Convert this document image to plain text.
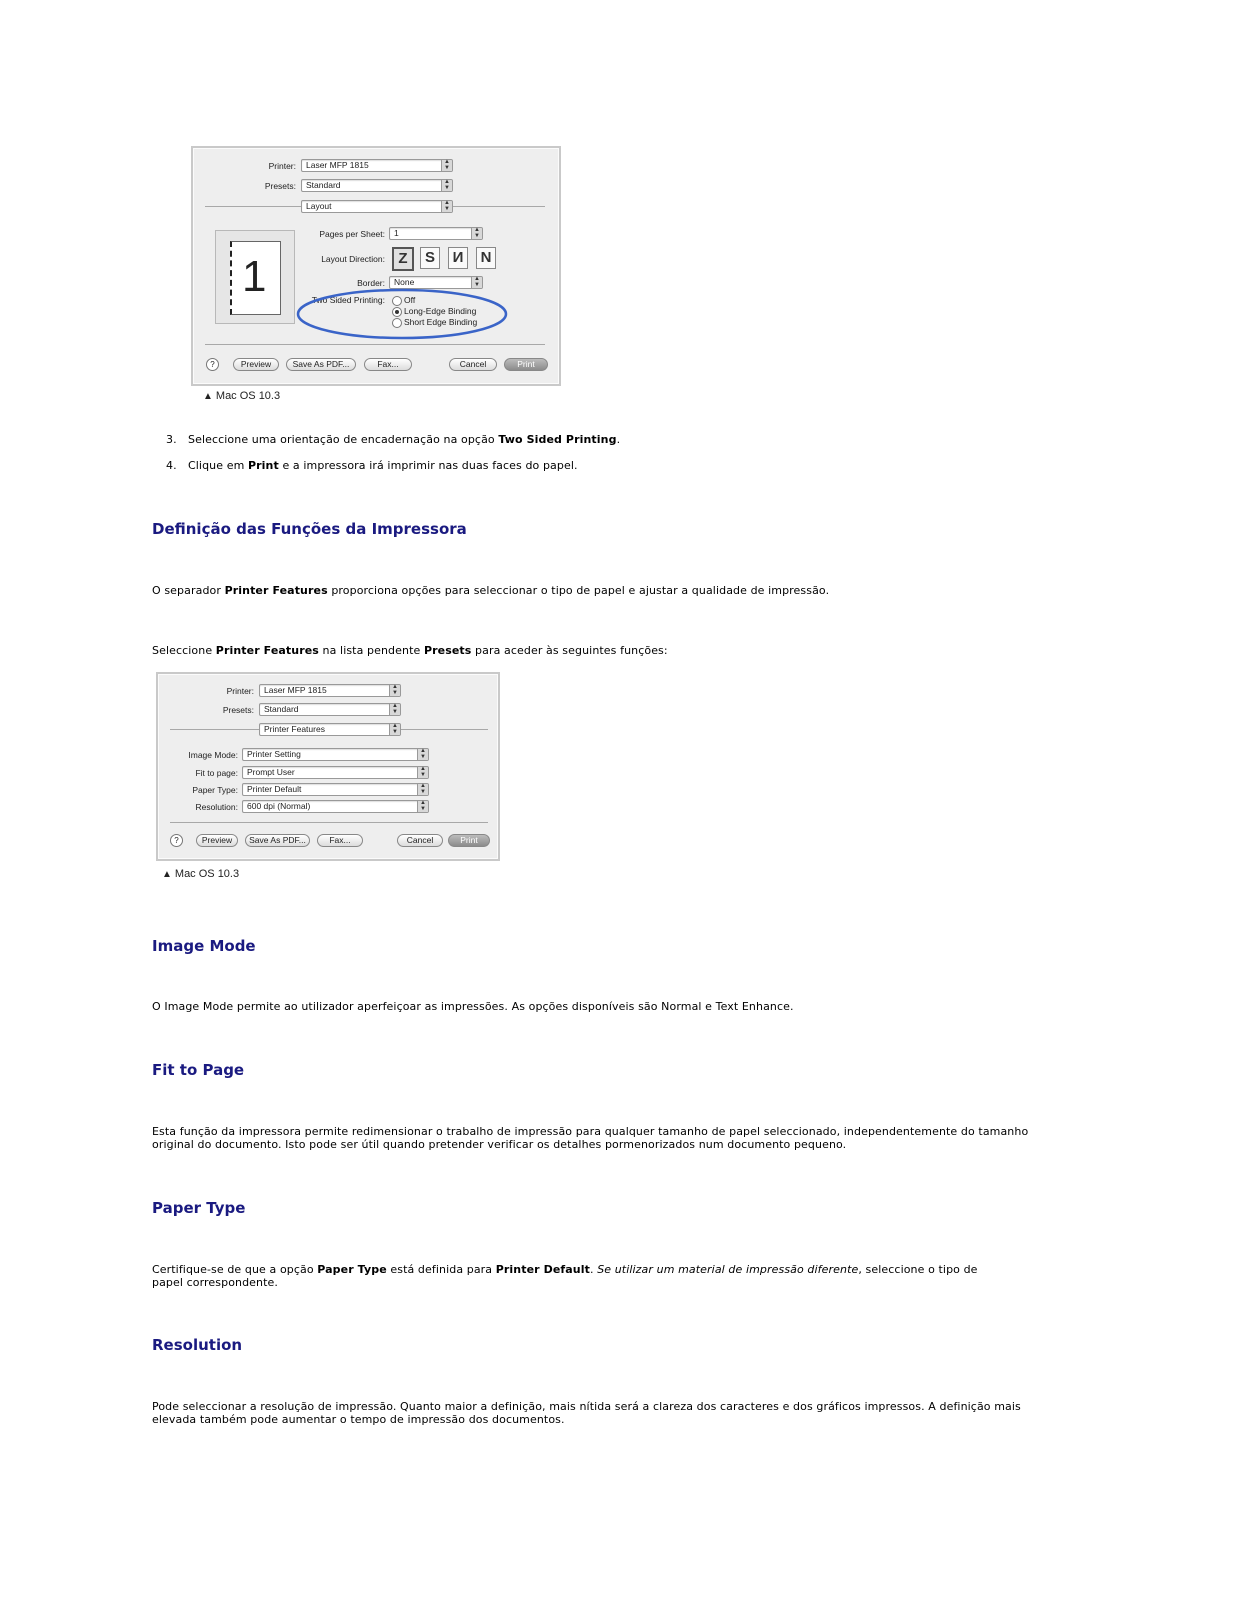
Printer: Laser MFP 1815	▲
▼
Presets: Standard	▲
▼
Layout	▲
▼
1
Pages per Sheet: 1	▲
▼
Layout Direction: Z	S	И	N
Border: None	▲
▼
Two Sided Printing: Off
Long-Edge Binding
Short Edge Binding
?	Preview	Save As PDF...	Fax...	Cancel	Print
▲ Mac OS 10.3
3. Seleccione uma orientação de encadernação na opção Two Sided Printing.
4. Clique em Print e a impressora irá imprimir nas duas faces do papel.
Definição das Funções da Impressora
O separador Printer Features proporciona opções para seleccionar o tipo de papel e ajustar a qualidade de impressão.
Seleccione Printer Features na lista pendente Presets para aceder às seguintes funções:
Printer: Laser MFP 1815	▲
▼
Presets: Standard	▲
▼
Printer Features	▲
▼
Image Mode: Printer Setting	▲
▼
Fit to page: Prompt User	▲
▼
Paper Type: Printer Default	▲
▼
Resolution: 600 dpi (Normal)	▲
▼
?	Preview	Save As PDF...	Fax...	Cancel	Print
▲ Mac OS 10.3
Image Mode
O Image Mode permite ao utilizador aperfeiçoar as impressões. As opções disponíveis são Normal e Text Enhance.
Fit to Page
Esta função da impressora permite redimensionar o trabalho de impressão para qualquer tamanho de papel seleccionado, independentemente do tamanho original do documento. Isto pode ser útil quando pretender verificar os detalhes pormenorizados num documento pequeno.
Paper Type
Certifique-se de que a opção Paper Type está definida para Printer Default. Se utilizar um material de impressão diferente, seleccione o tipo de papel correspondente.
Resolution
Pode seleccionar a resolução de impressão. Quanto maior a definição, mais nítida será a clareza dos caracteres e dos gráficos impressos. A definição mais elevada também pode aumentar o tempo de impressão dos documentos.
